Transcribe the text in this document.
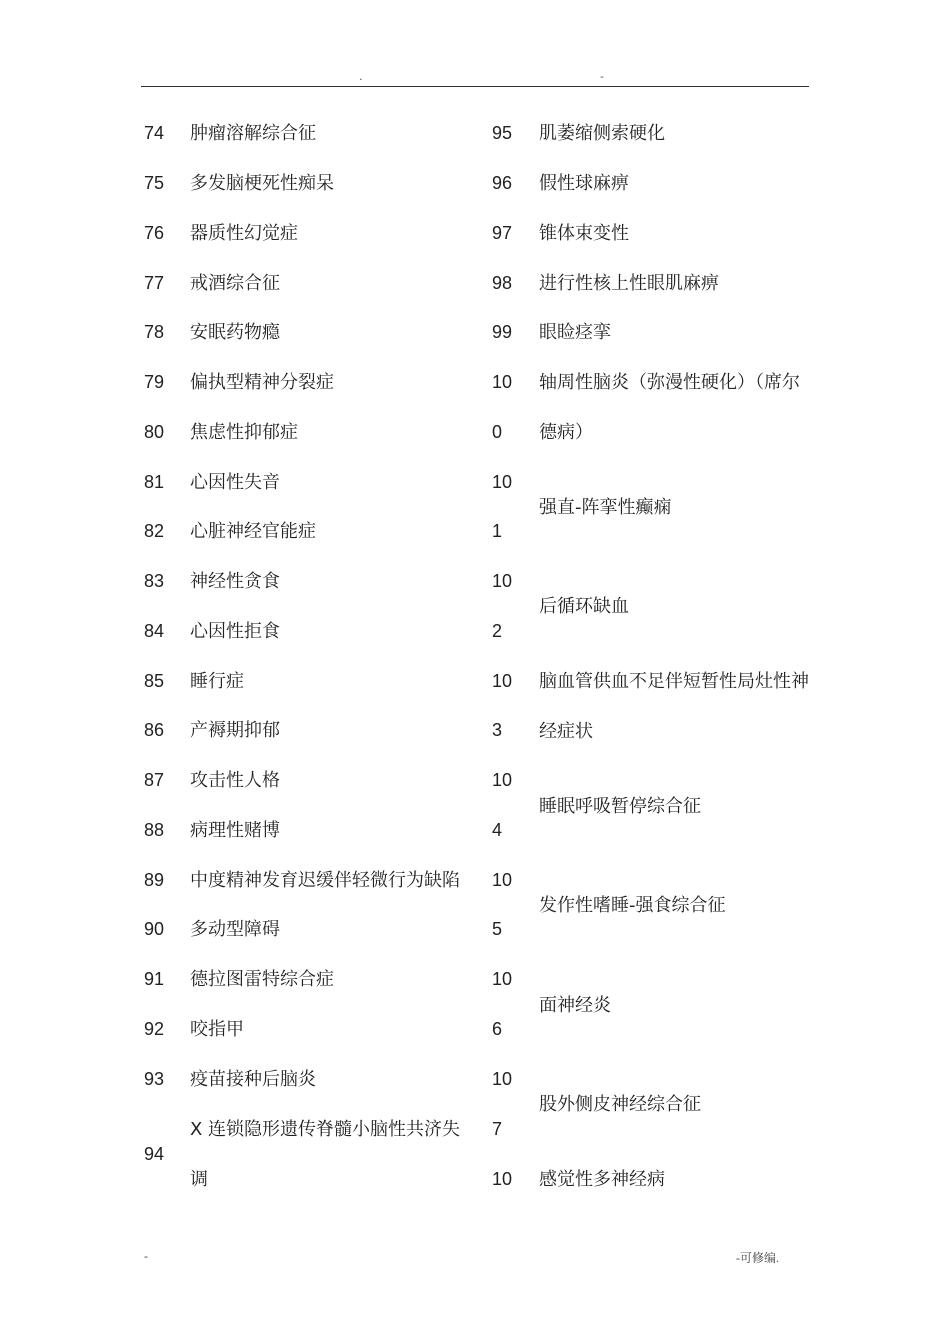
.	-
74 肿瘤溶解综合征
75 多发脑梗死性痴呆
76 器质性幻觉症
77 戒酒综合征
78 安眠药物瘾
79 偏执型精神分裂症
80 焦虑性抑郁症
81 心因性失音
82 心脏神经官能症
83 神经性贪食
84 心因性拒食
85 睡行症
86 产褥期抑郁
87 攻击性人格
88 病理性赌博
89 中度精神发育迟缓伴轻微行为缺陷
90 多动型障碍
91 德拉图雷特综合症
92 咬指甲
93 疫苗接种后脑炎
94
X 连锁隐形遗传脊髓小脑性共济失
调
95
96
97
98
99
10
0
10
1
10
2
10
3
10
4
10
5
10
6
10
7
10
肌萎缩侧索硬化
假性球麻痹
锥体束变性
进行性核上性眼肌麻痹
眼睑痉挛
轴周性脑炎（弥漫性硬化）（席尔
德病）
强直-阵挛性癫痫
后循环缺血
脑血管供血不足伴短暂性局灶性神
经症状
睡眠呼吸暂停综合征
发作性嗜睡-强食综合征
面神经炎
股外侧皮神经综合征
感觉性多神经病
-	-可修编.
